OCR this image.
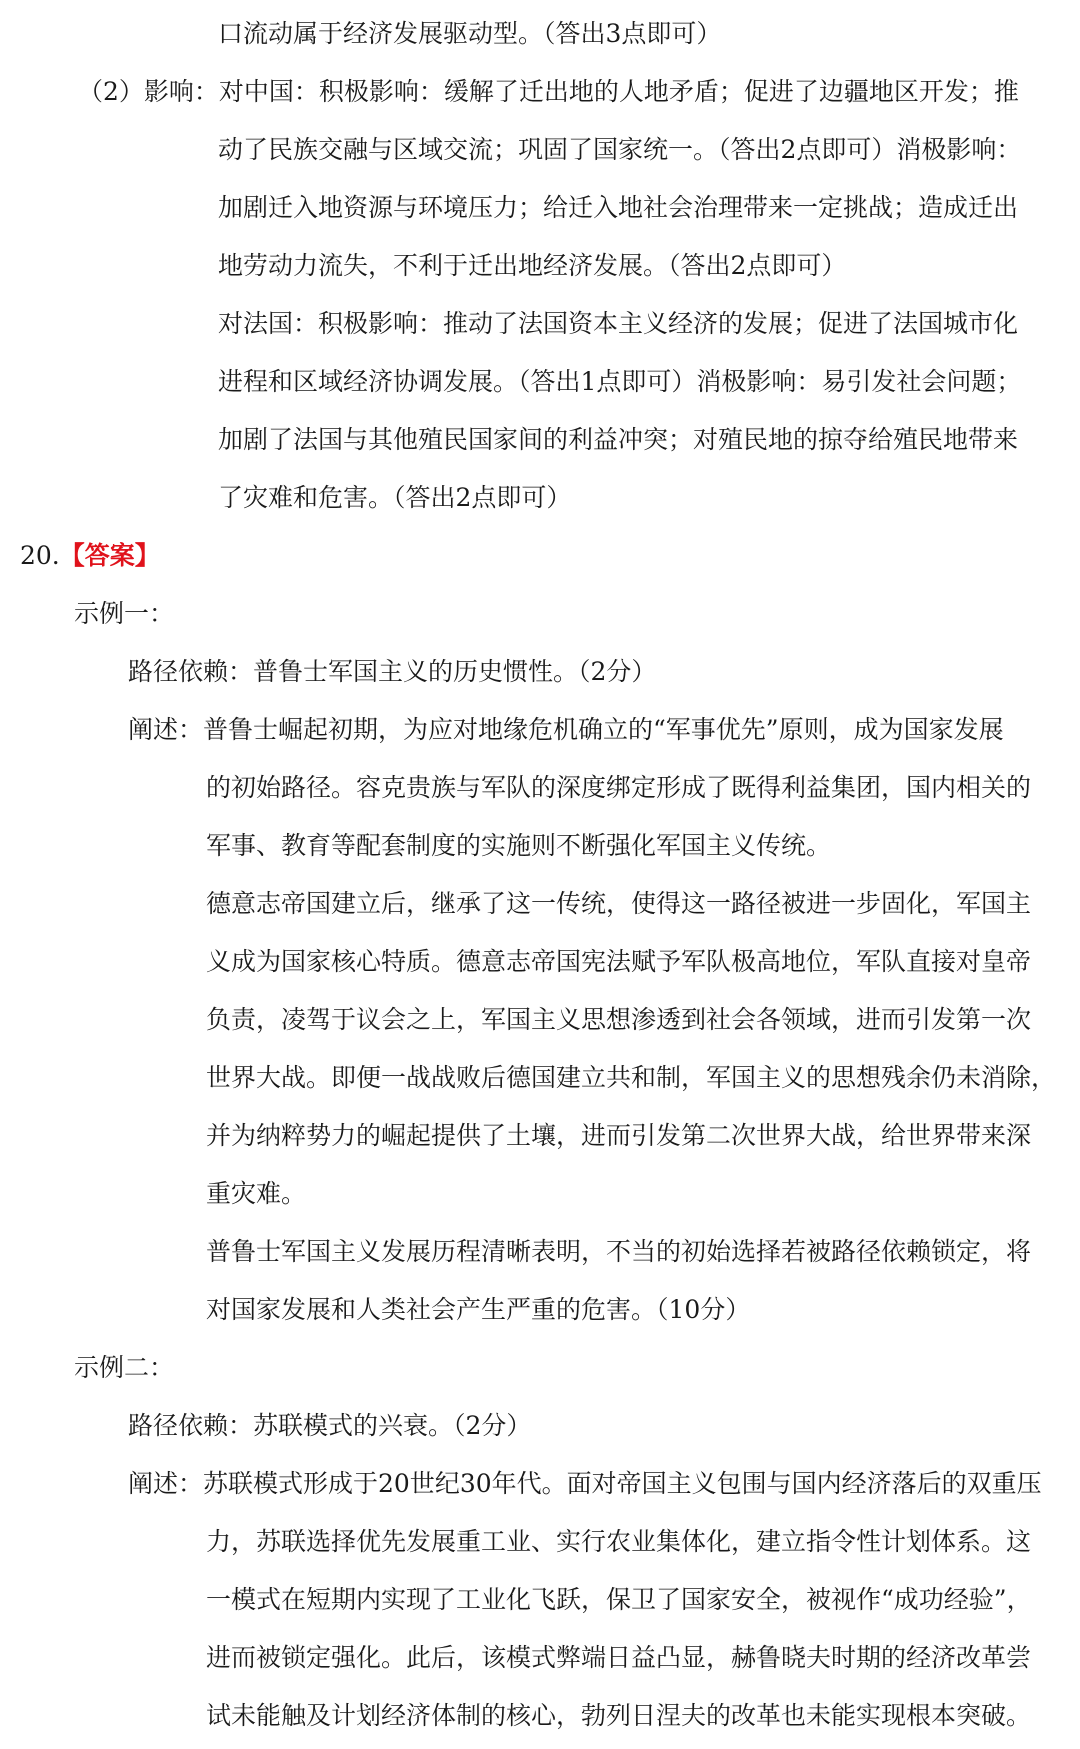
口流动属于经济发展驱动型。（答出3点即可）
（2）影响：对中国：积极影响：缓解了迁出地的人地矛盾；促进了边疆地区开发；推
动了民族交融与区域交流；巩固了国家统一。（答出2点即可）消极影响：
加剧迁入地资源与环境压力；给迁入地社会治理带来一定挑战；造成迁出
地劳动力流失，不利于迁出地经济发展。（答出2点即可）
对法国：积极影响：推动了法国资本主义经济的发展；促进了法国城市化
进程和区域经济协调发展。（答出1点即可）消极影响：易引发社会问题；
加剧了法国与其他殖民国家间的利益冲突；对殖民地的掠夺给殖民地带来
了灾难和危害。（答出2点即可）
20.【答案】
示例一：
路径依赖：普鲁士军国主义的历史惯性。（2分）
阐述：普鲁士崛起初期，为应对地缘危机确立的“军事优先”原则，成为国家发展
的初始路径。容克贵族与军队的深度绑定形成了既得利益集团，国内相关的
军事、教育等配套制度的实施则不断强化军国主义传统。
德意志帝国建立后，继承了这一传统，使得这一路径被进一步固化，军国主
义成为国家核心特质。德意志帝国宪法赋予军队极高地位，军队直接对皇帝
负责，凌驾于议会之上，军国主义思想渗透到社会各领域，进而引发第一次
世界大战。即便一战战败后德国建立共和制，军国主义的思想残余仍未消除，
并为纳粹势力的崛起提供了土壤，进而引发第二次世界大战，给世界带来深
重灾难。
普鲁士军国主义发展历程清晰表明，不当的初始选择若被路径依赖锁定，将
对国家发展和人类社会产生严重的危害。（10分）
示例二：
路径依赖：苏联模式的兴衰。（2分）
阐述：苏联模式形成于20世纪30年代。面对帝国主义包围与国内经济落后的双重压
力，苏联选择优先发展重工业、实行农业集体化，建立指令性计划体系。这
一模式在短期内实现了工业化飞跃，保卫了国家安全，被视作“成功经验”，
进而被锁定强化。此后，该模式弊端日益凸显，赫鲁晓夫时期的经济改革尝
试未能触及计划经济体制的核心，勃列日涅夫的改革也未能实现根本突破。
